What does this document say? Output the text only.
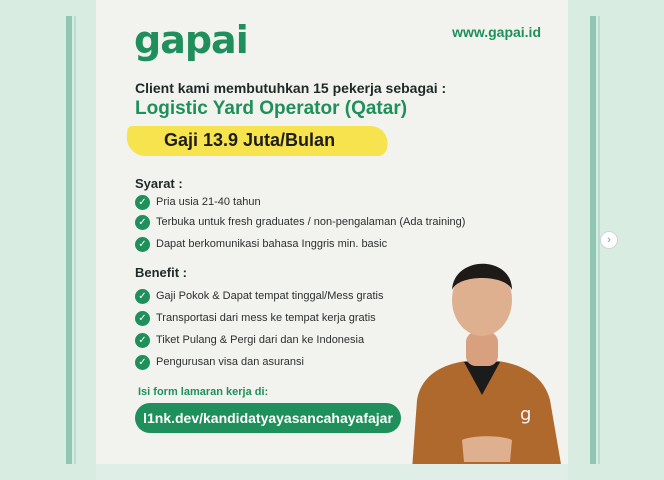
gapai	www.gapai.id
Client kami membutuhkan 15 pekerja sebagai :
Logistic Yard Operator (Qatar)
Gaji 13.9 Juta/Bulan
Syarat :
✓ Pria usia 21-40 tahun
✓ Terbuka untuk fresh graduates / non-pengalaman (Ada training)
✓ Dapat berkomunikasi bahasa Inggris min. basic
Benefit :
✓ Gaji Pokok & Dapat tempat tinggal/Mess gratis
✓ Transportasi dari mess ke tempat kerja gratis
✓ Tiket Pulang & Pergi dari dan ke Indonesia
✓ Pengurusan visa dan asuransi
Isi form lamaran kerja di:
l1nk.dev/kandidatyayasancahayafajar	g
›
